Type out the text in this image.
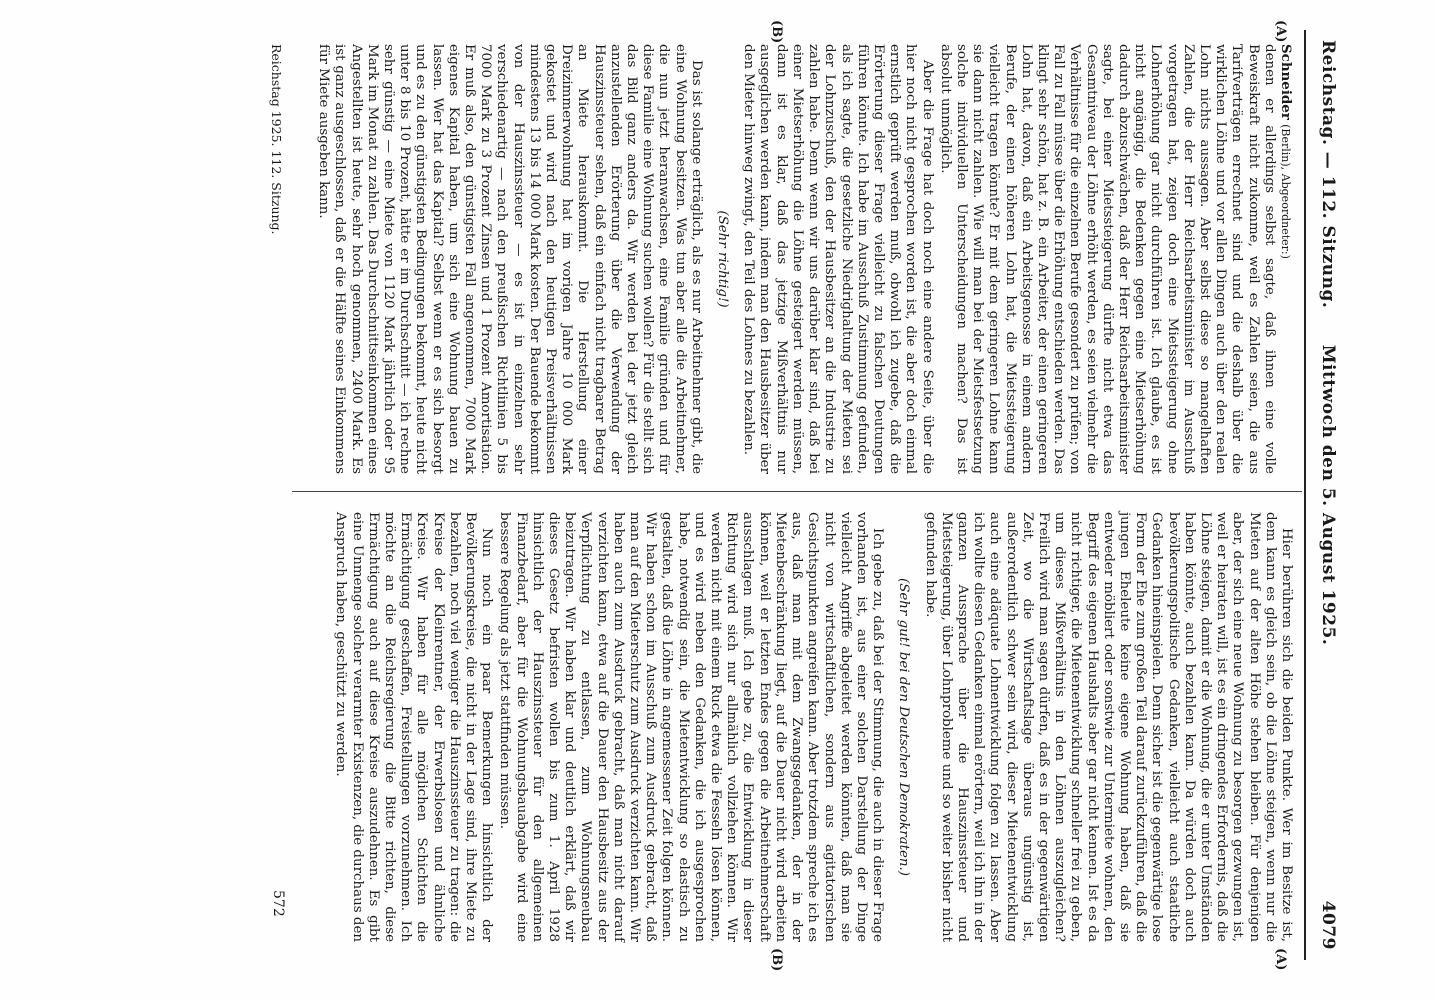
Reichstag. — 112. Sitzung.
Mittwoch den 5. August 1925.
4079
(A)
(B)
(A)
(B)

Schneider (Berlin), Abgeordneter:)

denen er allerdings selbst sagte, daß ihnen eine volle Beweiskraft nicht zukomme, weil es Zahlen seien, die aus Tarifverträgen errechnet sind und die deshalb über die wirklichen Löhne und vor allen Dingen auch über den realen Lohn nichts aussagen. Aber selbst diese so mangelhaften Zahlen, die der Herr Reichsarbeitsminister im Ausschuß vorgetragen hat, zeigen doch eine Mietssteigerung ohne Lohnerhöhung gar nicht durchführen ist. Ich glaube, es ist nicht angängig, die Bedenken gegen eine Mietserhöhung dadurch abzuschwächen, daß der Herr Reichsarbeitsminister sagte, bei einer Mietssteigerung dürfte nicht etwa das Gesamtniveau der Löhne erhöht werden, es seien vielmehr die Verhältnisse für die einzelnen Berufe gesondert zu prüfen; von Fall zu Fall müsse über die Erhöhung entschieden werden. Das klingt sehr schön, hat z. B. ein Arbeiter, der einen geringeren Lohn hat, davon, daß ein Arbeitsgenosse in einem andern Berufe, der einen höheren Lohn hat, die Mietssteigerung vielleicht tragen könnte? Er mit dem geringeren Lohne kann sie dann nicht zahlen. Wie will man bei der Mietsfestsetzung solche individuellen Unterscheidungen machen? Das ist absolut unmöglich.

Aber die Frage hat doch noch eine andere Seite, über die hier noch nicht gesprochen worden ist, die aber doch einmal ernstlich geprüft werden muß, obwohl ich zugebe, daß die Erörterung dieser Frage vielleicht zu falschen Deutungen führen könnte. Ich habe im Ausschuß Zustimmung gefunden, als ich sagte, die gesetzliche Niedrighaltung der Mieten sei der Lohnzuschuß, den der Hausbesitzer an die Industrie zu zahlen habe. Denn wenn wir uns darüber klar sind, daß bei einer Mietserhöhung die Löhne gesteigert werden müssen, dann ist es klar, daß das jetzige Mißverhältnis nur ausgeglichen werden kann, indem man den Hausbesitzer über den Mieter hinweg zwingt, den Teil des Lohnes zu bezahlen.

(Sehr richtig!)

Das ist solange erträglich, als es nur Arbeitnehmer gibt, die eine Wohnung besitzen. Was tun aber alle die Arbeitnehmer, die nun jetzt heranwachsen, eine Familie gründen und für diese Familie eine Wohnung suchen wollen? Für die stellt sich das Bild ganz anders da. Wir werden bei der jetzt gleich anzustellenden Erörterung über die Verwendung der Hauszinssteuer sehen, daß ein einfach nicht tragbarer Betrag an Miete herauskommt. Die Herstellung einer Dreizimmerwohnung hat im vorigen Jahre 10 000 Mark gekostet und wird nach den heutigen Preisverhältnissen mindestens 13 bis 14 000 Mark kosten. Der Bauende bekommt von der Hauszinssteuer — es ist in einzelnen sehr verschiedenartig — nach den preußischen Richtlinien 5 bis 7000 Mark zu 3 Prozent Zinsen und 1 Prozent Amortisation. Er muß also, den günstigsten Fall angenommen, 7000 Mark eigenes Kapital haben, um sich eine Wohnung bauen zu lassen. Wer hat das Kapital? Selbst wenn er es sich besorgt und es zu den günstigsten Bedingungen bekommt, heute nicht unter 8 bis 10 Prozent, hätte er im Durchschnitt — ich rechne sehr günstig — eine Miete von 1120 Mark jährlich oder 95 Mark im Monat zu zahlen. Das Durchschnittseinkommen eines Angestellten ist heute, sehr hoch genommen, 2400 Mark. Es ist ganz ausgeschlossen, daß er die Hälfte seines Einkommens für Miete ausgeben kann.

Hier berühren sich die beiden Punkte. Wer im Besitze ist, dem kann es gleich sein, ob die Löhne steigen, wenn nur die Mieten auf der alten Höhe stehen bleiben. Für denjenigen aber, der sich eine neue Wohnung zu besorgen gezwungen ist, weil er heiraten will, ist es ein dringendes Erfordernis, daß die Löhne steigen, damit er die Wohnung, die er unter Umständen haben könnte, auch bezahlen kann. Da würden doch auch bevölkerungspolitische Gedanken, vielleicht auch staatliche Gedanken hineinspielen. Denn sicher ist die gegenwärtige lose Form der Ehe zum großen Teil darauf zurückzuführen, daß die jungen Eheleute keine eigene Wohnung haben, daß sie entweder möbliert oder sonstwie zur Untermiete wohnen, den Begriff des eigenen Haushalts aber gar nicht kennen. Ist es da nicht richtiger, die Mietenentwicklung schneller frei zu geben, um dieses Mißverhältnis in den Löhnen auszugleichen? Freilich wird man sagen dürfen, daß es in der gegenwärtigen Zeit, wo die Wirtschaftslage überaus ungünstig ist, außerordentlich schwer sein wird, dieser Mietenentwicklung auch eine adäquate Lohnentwicklung folgen zu lassen. Aber ich wollte diesen Gedanken einmal erörtern, weil ich ihn in der ganzen Aussprache über die Hauszinssteuer und Mietsteigerung, über Lohnprobleme und so weiter bisher nicht gefunden habe.

(Sehr gut! bei den Deutschen Demokraten.)

Ich gebe zu, daß bei der Stimmung, die auch in dieser Frage vorhanden ist, aus einer solchen Darstellung der Dinge vielleicht Angriffe abgeleitet werden könnten, daß man sie nicht von wirtschaftlichen, sondern aus agitatorischen Gesichtspunkten angreifen kann. Aber trotzdem spreche ich es aus, daß man mit dem Zwangsgedanken, der in der Mietenbeschränkung liegt, auf die Dauer nicht wird arbeiten können, weil er letzten Endes gegen die Arbeitnehmerschaft ausschlagen muß. Ich gebe zu, die Entwicklung in dieser Richtung wird sich nur allmählich vollziehen können. Wir werden nicht mit einem Ruck etwa die Fesseln lösen können, und es wird neben den Gedanken, die ich ausgesprochen habe, notwendig sein, die Mietentwicklung so elastisch zu gestalten, daß die Löhne in angemessener Zeit folgen können. Wir haben schon im Ausschuß zum Ausdruck gebracht, daß man auf den Mieterschutz zum Ausdruck verzichten kann. Wir haben auch zum Ausdruck gebracht, daß man nicht darauf verzichten kann, etwa auf die Dauer den Hausbesitz aus der Verpflichtung zu entlassen, zum Wohnungsneubau beizutragen. Wir haben klar und deutlich erklärt, daß wir dieses Gesetz befristen wollen bis zum 1. April 1928 hinsichtlich der Hauszinssteuer für den allgemeinen Finanzbedarf, aber für die Wohnungsbauabgabe wird eine bessere Regelung als jetzt stattfinden müssen.

Nun noch ein paar Bemerkungen hinsichtlich der Bevölkerungskreise, die nicht in der Lage sind, ihre Miete zu bezahlen, noch viel weniger die Hauszinssteuer zu tragen: die Kreise der Kleinrentner, der Erwerbslosen und ähnliche Kreise. Wir haben für alle möglichen Schichten die Ermächtigung geschaffen, Freistellungen vorzunehmen. Ich möchte an die Reichsregierung die Bitte richten, diese Ermächtigung auch auf diese Kreise auszudehnen. Es gibt eine Unmenge solcher verarmter Existenzen, die durchaus den Anspruch haben, geschützt zu werden.

Reichstag 1925. 112. Sitzung.
572
